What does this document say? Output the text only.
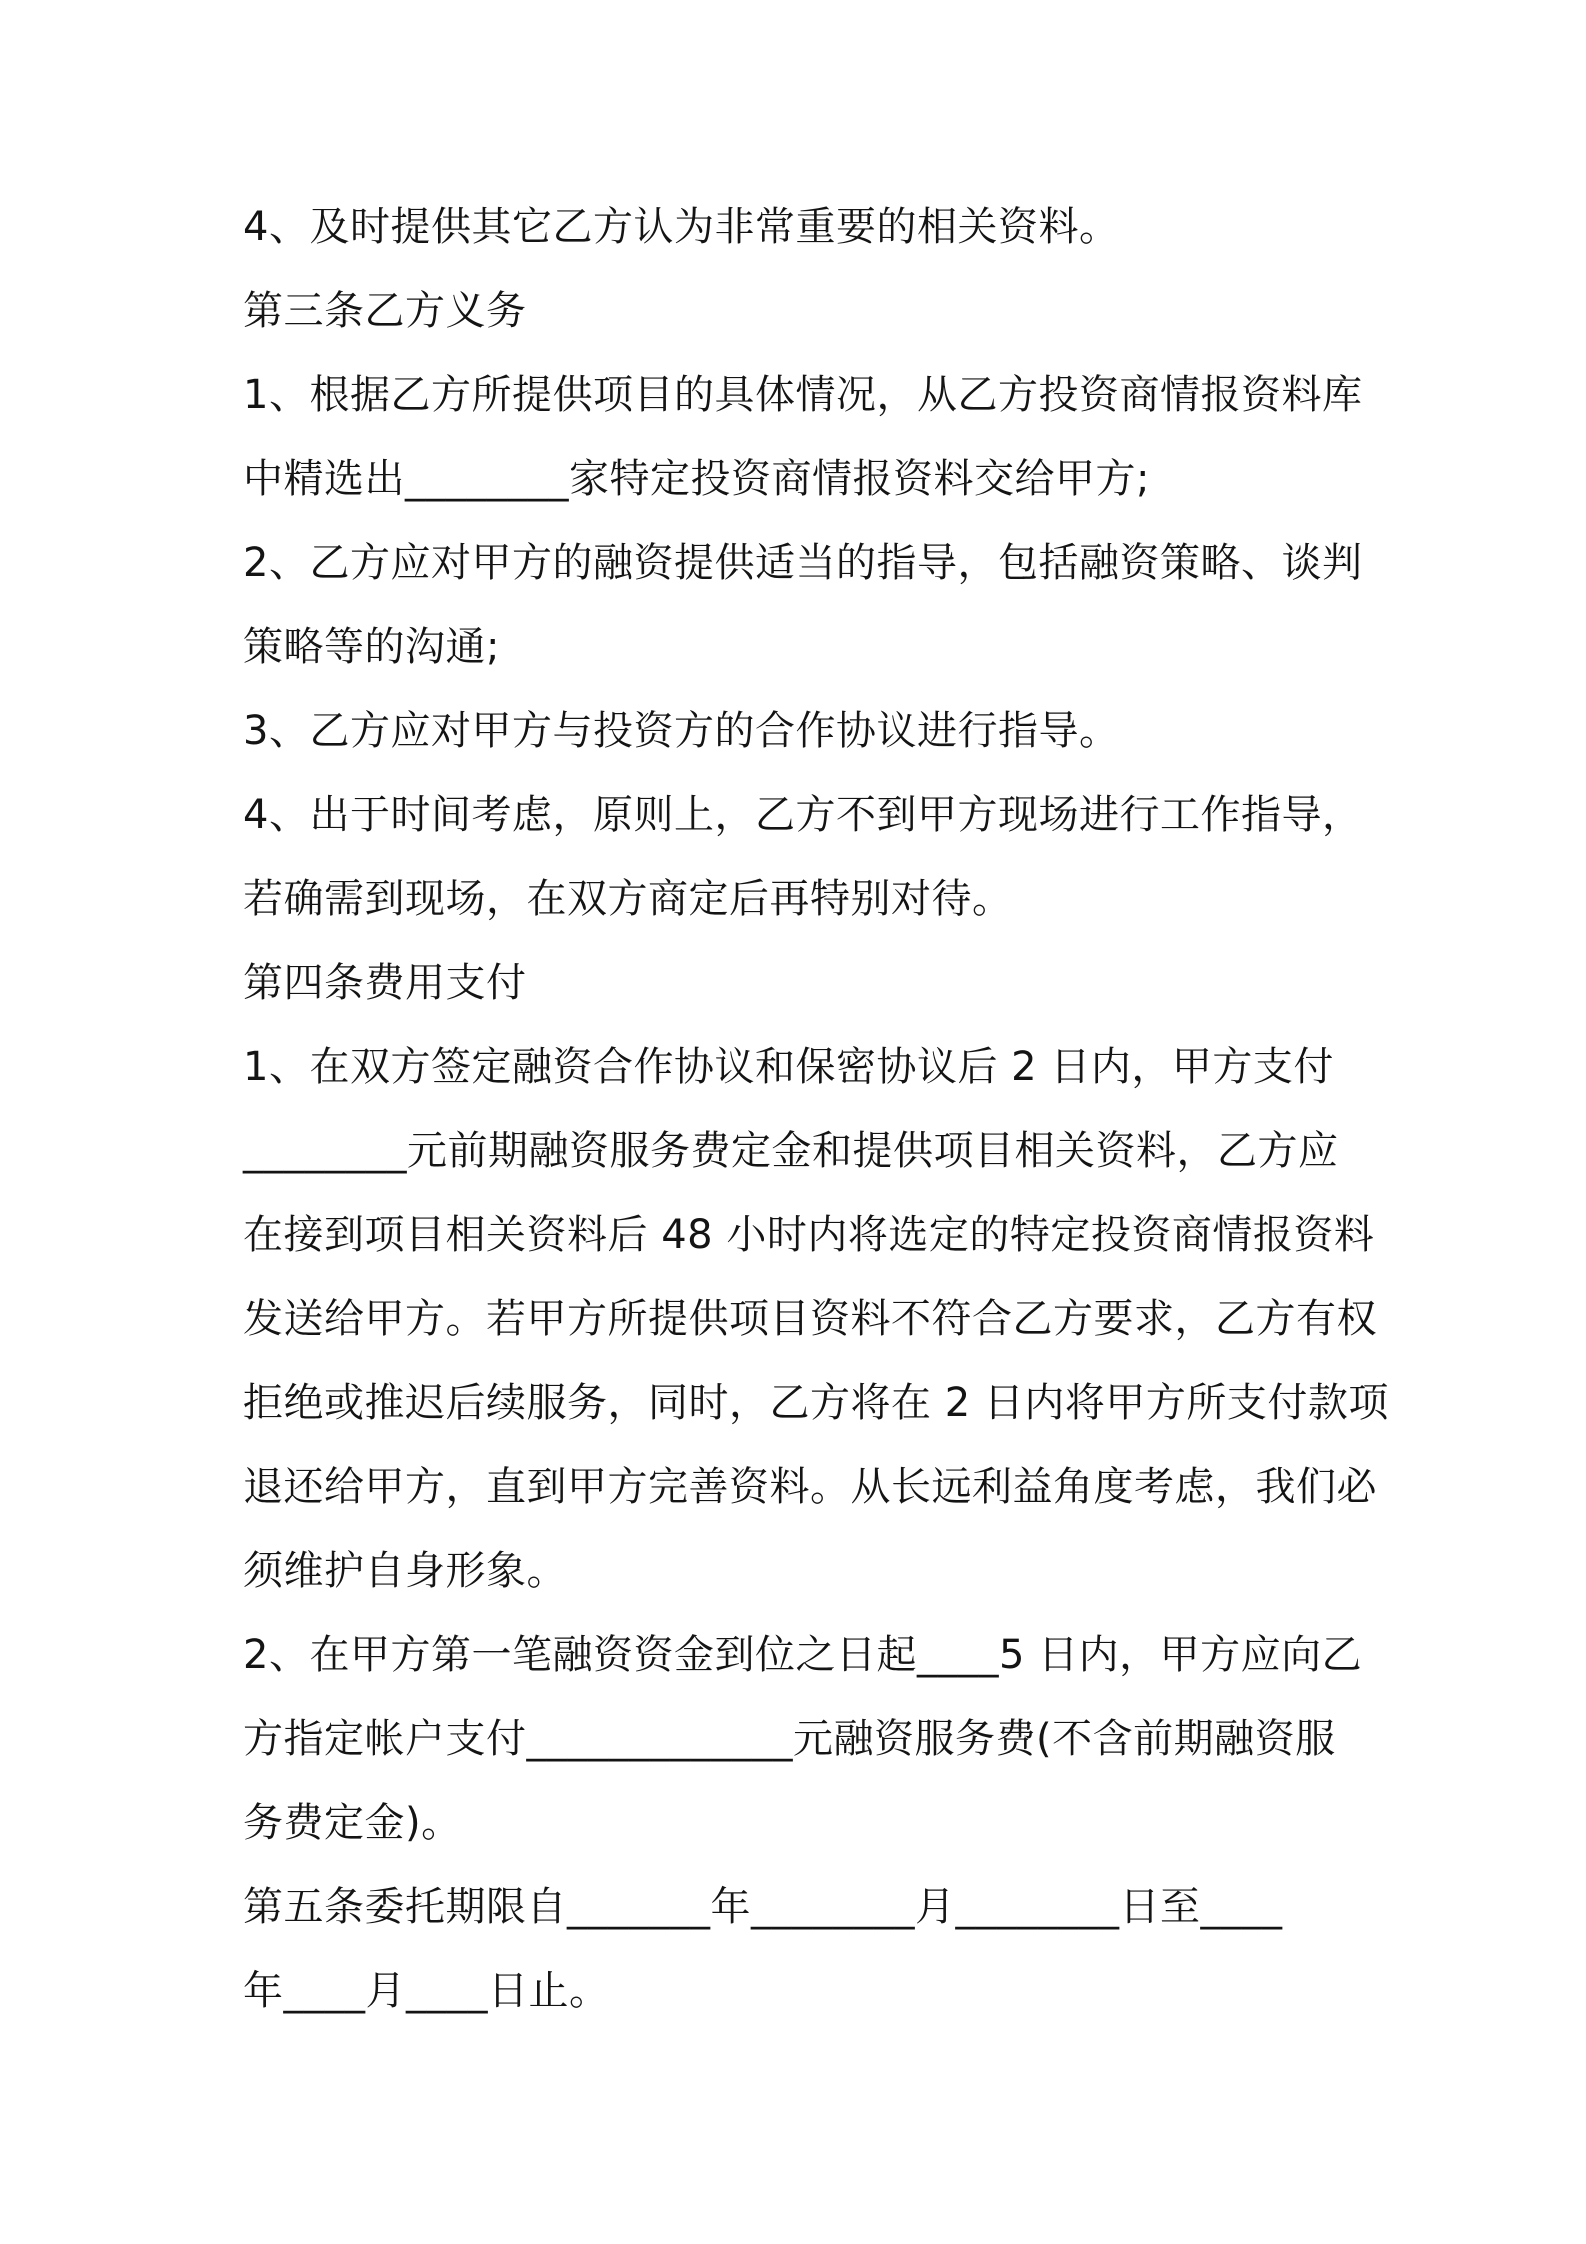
4、及时提供其它乙方认为非常重要的相关资料。
第三条乙方义务
1、根据乙方所提供项目的具体情况，从乙方投资商情报资料库
中精选出________家特定投资商情报资料交给甲方;
2、乙方应对甲方的融资提供适当的指导，包括融资策略、谈判
策略等的沟通;
3、乙方应对甲方与投资方的合作协议进行指导。
4、出于时间考虑，原则上，乙方不到甲方现场进行工作指导，
若确需到现场，在双方商定后再特别对待。
第四条费用支付
1、在双方签定融资合作协议和保密协议后 2 日内，甲方支付
________元前期融资服务费定金和提供项目相关资料，乙方应
在接到项目相关资料后 48 小时内将选定的特定投资商情报资料
发送给甲方。若甲方所提供项目资料不符合乙方要求，乙方有权
拒绝或推迟后续服务，同时，乙方将在 2 日内将甲方所支付款项
退还给甲方，直到甲方完善资料。从长远利益角度考虑，我们必
须维护自身形象。
2、在甲方第一笔融资资金到位之日起____5 日内，甲方应向乙
方指定帐户支付_____________元融资服务费(不含前期融资服
务费定金)。
第五条委托期限自_______年________月________日至____
年____月____日止。
